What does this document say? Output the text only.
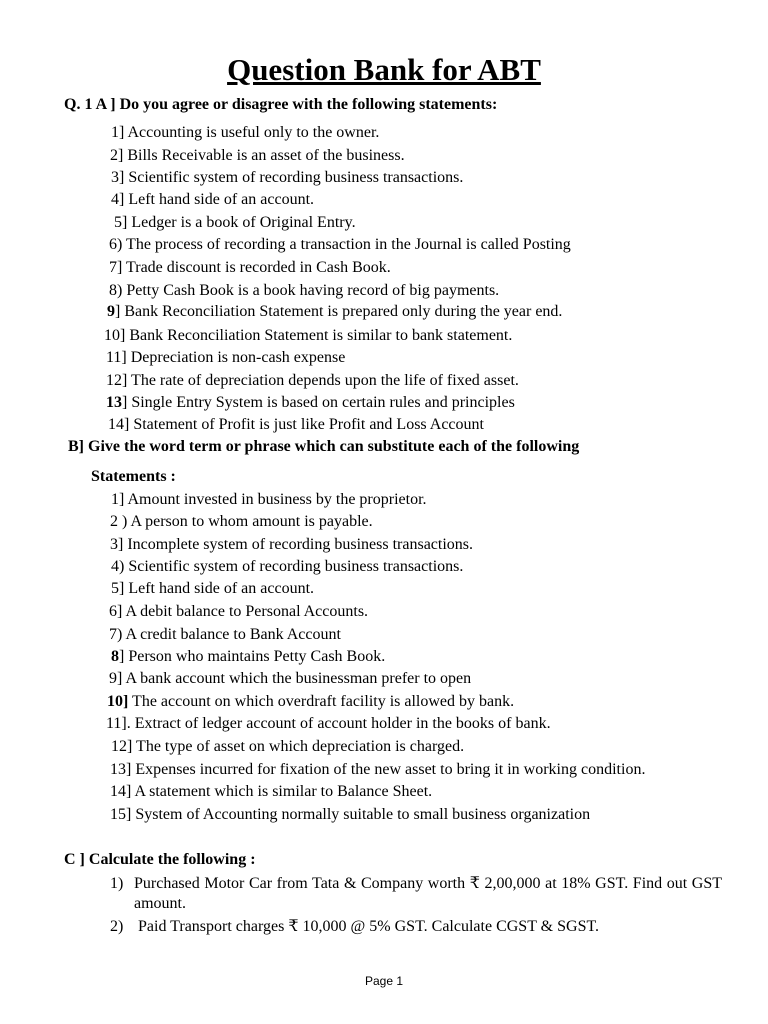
Question Bank for ABT
Q. 1 A ] Do you agree or disagree with the following statements:
1] Accounting is useful only to the owner.
2] Bills Receivable is an asset of the business.
3] Scientific system of recording business transactions.
4] Left hand side of an account.
5] Ledger is a book of Original Entry.
6) The process of recording a transaction in the Journal is called Posting
7] Trade discount is recorded in Cash Book.
8) Petty Cash Book is a book having record of big payments.
9] Bank Reconciliation Statement is prepared only during the year end.
10] Bank Reconciliation Statement is similar to bank statement.
11] Depreciation is non-cash expense
12] The rate of depreciation depends upon the life of fixed asset.
13] Single Entry System is based on certain rules and principles
14] Statement of Profit is just like Profit and Loss Account
B] Give the word term or phrase which can substitute each of the following
Statements :
1] Amount invested in business by the proprietor.
2 ) A person to whom amount is payable.
3] Incomplete system of recording business transactions.
4) Scientific system of recording business transactions.
5] Left hand side of an account.
6] A debit balance to Personal Accounts.
7) A credit balance to Bank Account
8] Person who maintains Petty Cash Book.
9] A bank account which the businessman prefer to open
10] The account on which overdraft facility is allowed by bank.
11]. Extract of ledger account of account holder in the books of bank.
12] The type of asset on which depreciation is charged.
13] Expenses incurred for fixation of the new asset to bring it in working condition.
14] A statement which is similar to Balance Sheet.
15] System of Accounting normally suitable to small business organization
C ] Calculate the following :
1) Purchased Motor Car from Tata & Company worth ₹ 2,00,000 at 18% GST. Find out GST amount.
2) Paid Transport charges ₹ 10,000 @ 5% GST. Calculate CGST & SGST.
Page 1
